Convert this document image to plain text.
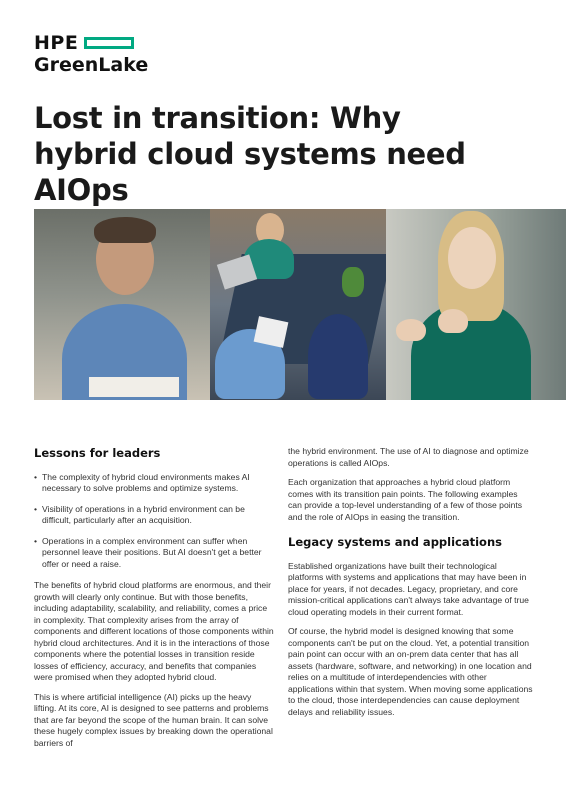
HPE
GreenLake
Lost in transition: Why hybrid cloud systems need AIOps
Lessons for leaders
• The complexity of hybrid cloud environments makes AI necessary to solve problems and optimize systems.
• Visibility of operations in a hybrid environment can be difficult, particularly after an acquisition.
• Operations in a complex environment can suffer when personnel leave their positions. But AI doesn't get a better offer or need a raise.

The benefits of hybrid cloud platforms are enormous, and their growth will clearly only continue. But with those benefits, including adaptability, scalability, and reliability, comes a price in complexity. That complexity arises from the array of components and different locations of those components within hybrid cloud architectures. And it is in the interactions of those components where the potential losses in transition reside losses of efficiency, accuracy, and benefits that companies were promised when they adopted hybrid cloud.

This is where artificial intelligence (AI) picks up the heavy lifting. At its core, AI is designed to see patterns and problems that are far beyond the scope of the human brain. It can solve these hugely complex issues by breaking down the operational barriers of

the hybrid environment. The use of AI to diagnose and optimize operations is called AIOps.

Each organization that approaches a hybrid cloud platform comes with its transition pain points. The following examples can provide a top-level understanding of a few of those points and the role of AIOps in easing the transition.

Legacy systems and applications

Established organizations have built their technological platforms with systems and applications that may have been in place for years, if not decades. Legacy, proprietary, and core mission-critical applications can't always take advantage of true cloud operating models in their current format.

Of course, the hybrid model is designed knowing that some components can't be put on the cloud. Yet, a potential transition pain point can occur with an on-prem data center that has all assets (hardware, software, and networking) in one location and relies on a multitude of interdependencies with other applications within that system. When moving some applications to the cloud, those interdependencies can cause deployment delays and reliability issues.
